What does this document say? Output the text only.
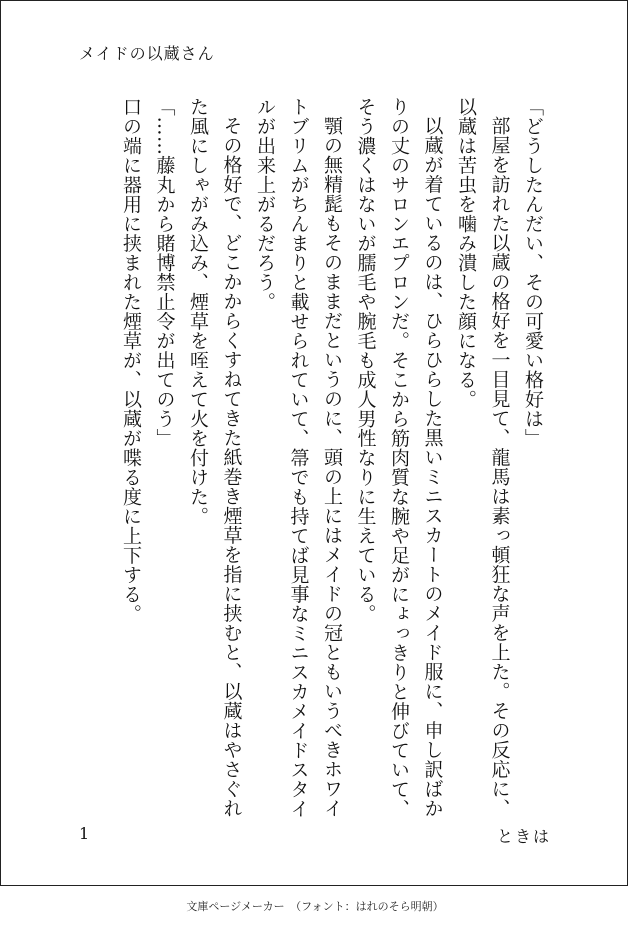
メイドの以蔵さん

「どうしたんだい、その可愛い格好は」

部屋を訪れた以蔵の格好を一目見て、龍馬は素っ頓狂な声を上た。その反応に、以蔵は苦虫を噛み潰した顔になる。

以蔵が着ているのは、ひらひらした黒いミニスカートのメイド服に、申し訳ばかりの丈のサロンエプロンだ。そこから筋肉質な腕や足がにょっきりと伸びていて、そう濃くはないが臑毛や腕毛も成人男性なりに生えている。

顎の無精髭もそのままだというのに、頭の上にはメイドの冠ともいうべきホワイトブリムがちんまりと載せられていて、箒でも持てば見事なミニスカメイドスタイルが出来上がるだろう。

その格好で、どこかからくすねてきた紙巻き煙草を指に挟むと、以蔵はやさぐれた風にしゃがみ込み、煙草を咥えて火を付けた。

「……藤丸から賭博禁止令が出てのう」

口の端に器用に挟まれた煙草が、以蔵が喋る度に上下する。

1	ときは
文庫ページメーカー　（フォント：はれのそら明朝）
